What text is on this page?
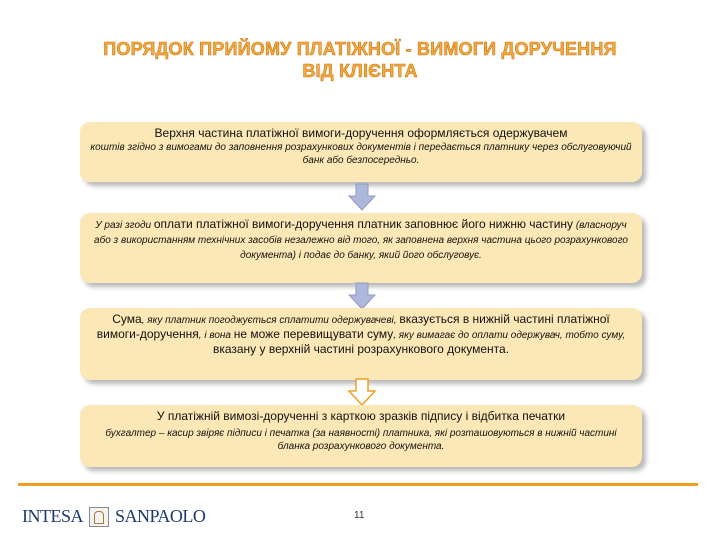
ПОРЯДОК ПРИЙОМУ ПЛАТІЖНОЇ - ВИМОГИ ДОРУЧЕННЯ
ВІД КЛІЄНТА
Верхня частина платіжної вимоги-доручення оформляється одержувачем
коштів згідно з вимогами до заповнення розрахункових документів і передається платнику через обслуговуючий банк або безпосередньо.
У разі згоди оплати платіжної вимоги-доручення платник заповнює його нижню частину (власноруч або з використанням технічних засобів незалежно від того, як заповнена верхня частина цього розрахункового документа) і подає до банку, який його обслуговує.
Сума, яку платник погоджується сплатити одержувачеві, вказується в нижній частині платіжної вимоги-доручення, і вона не може перевищувати суму, яку вимагає до оплати одержувач, тобто суму, вказану у верхній частині розрахункового документа.
У платіжній вимозі-дорученні з карткою зразків підпису і відбитка печатки
бухгалтер – касир звіряє підписи і печатка (за наявності) платника, які розташовуються в нижній частині бланка розрахункового документа.
INTESA SANPAOLO	11
